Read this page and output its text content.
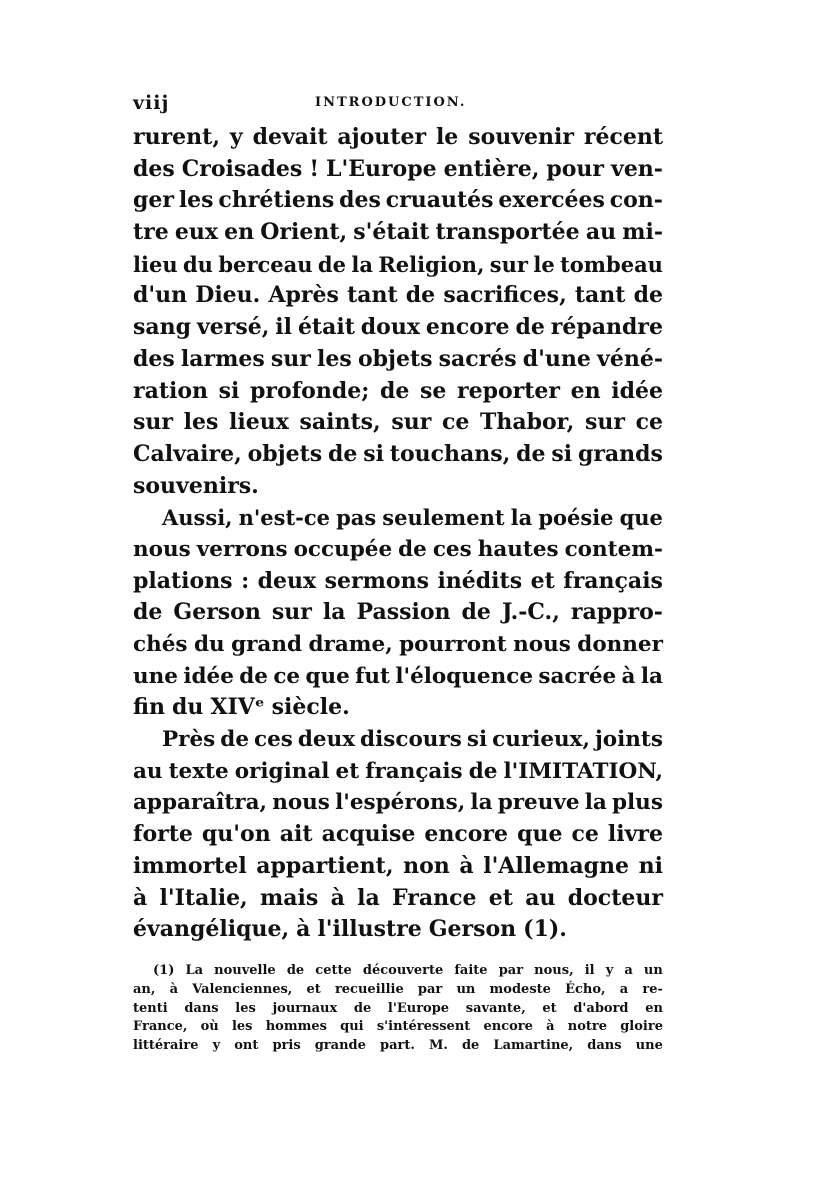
viij	INTRODUCTION.
rurent, y devait ajouter le souvenir récent
des Croisades ! L'Europe entière, pour ven-
ger les chrétiens des cruautés exercées con-
tre eux en Orient, s'était transportée au mi-
lieu du berceau de la Religion, sur le tombeau
d'un Dieu. Après tant de sacrifices, tant de
sang versé, il était doux encore de répandre
des larmes sur les objets sacrés d'une véné-
ration si profonde; de se reporter en idée
sur les lieux saints, sur ce Thabor, sur ce
Calvaire, objets de si touchans, de si grands
souvenirs.
Aussi, n'est-ce pas seulement la poésie que
nous verrons occupée de ces hautes contem-
plations : deux sermons inédits et français
de Gerson sur la Passion de J.-C., rappro-
chés du grand drame, pourront nous donner
une idée de ce que fut l'éloquence sacrée à la
fin du XIVᵉ siècle.
Près de ces deux discours si curieux, joints
au texte original et français de l'IMITATION,
apparaîtra, nous l'espérons, la preuve la plus
forte qu'on ait acquise encore que ce livre
immortel appartient, non à l'Allemagne ni
à l'Italie, mais à la France et au docteur
évangélique, à l'illustre Gerson (1).
(1) La nouvelle de cette découverte faite par nous, il y a un
an, à Valenciennes, et recueillie par un modeste Écho, a re-
tenti dans les journaux de l'Europe savante, et d'abord en
France, où les hommes qui s'intéressent encore à notre gloire
littéraire y ont pris grande part. M. de Lamartine, dans une
